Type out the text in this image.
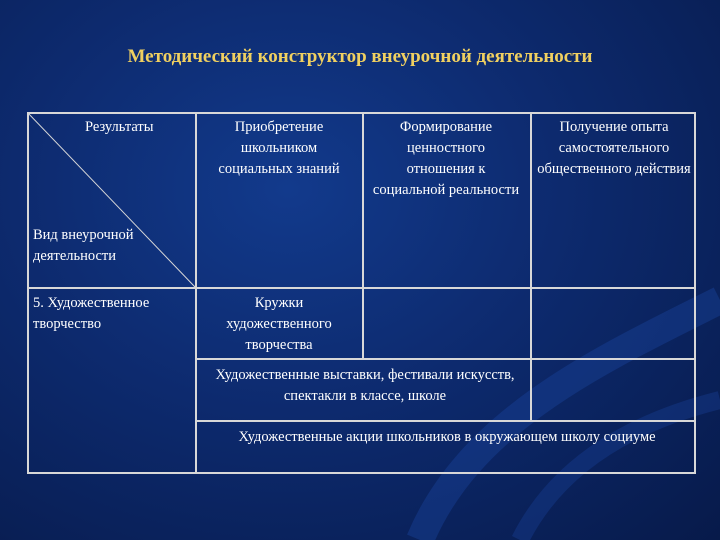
Методический конструктор внеурочной деятельности
Результаты
Вид внеурочной деятельности
Приобретение школьником социальных знаний
Формирование ценностного отношения к социальной реальности
Получение опыта самостоятельного общественного действия
5. Художественное творчество
Кружки художественного творчества
Художественные выставки, фестивали искусств, спектакли в классе, школе
Художественные акции школьников в окружающем школу социуме
